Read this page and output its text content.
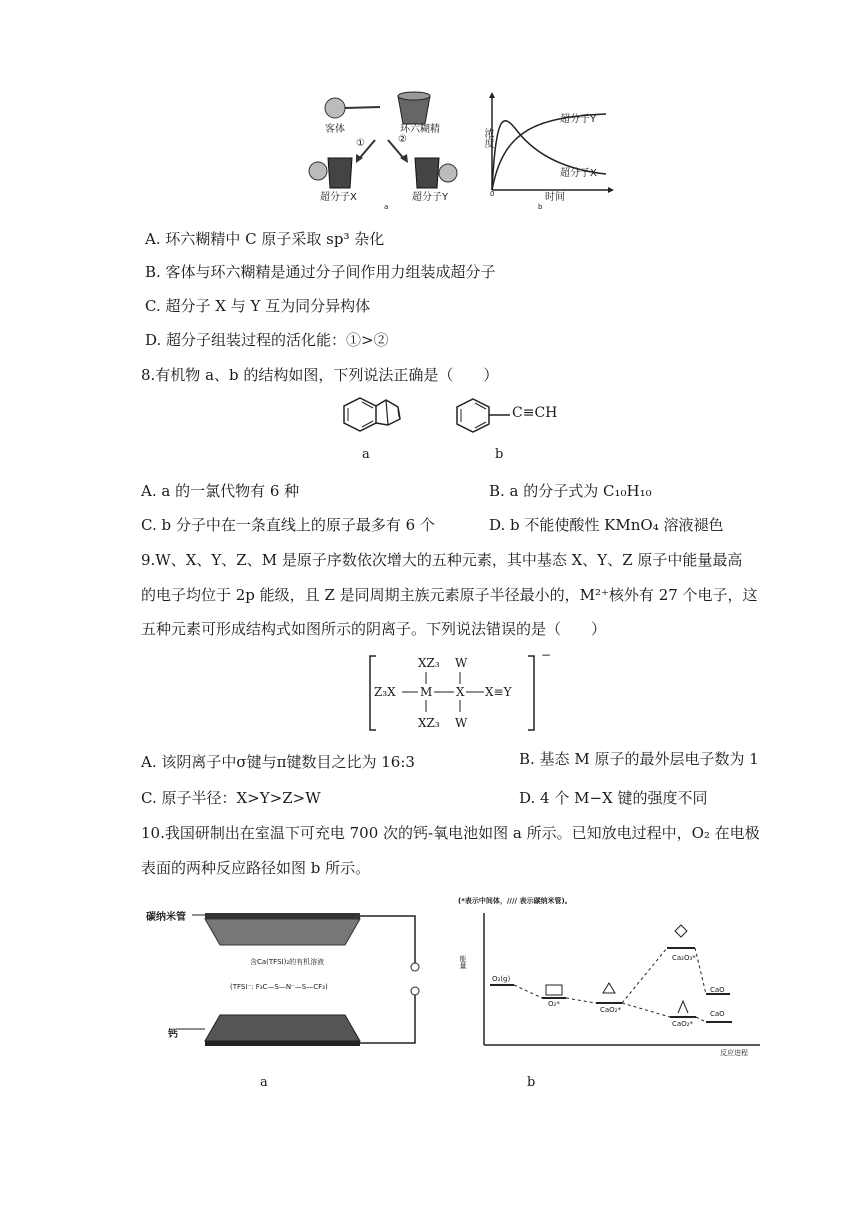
客体	环六糊精
①	②
超分子X	超分子Y
a
浓度
0	时间
超分子Y
超分子X
b
A. 环六糊精中 C 原子采取 sp³ 杂化
B. 客体与环六糊精是通过分子间作用力组装成超分子
C. 超分子 X 与 Y 互为同分异构体
D. 超分子组装过程的活化能：①>②
8.有机物 a、b 的结构如图，下列说法正确是（　　）
C≡CH
a	b
A. a 的一氯代物有 6 种	B. a 的分子式为 C₁₀H₁₀
C. b 分子中在一条直线上的原子最多有 6 个	D. b 不能使酸性 KMnO₄ 溶液褪色
9.W、X、Y、Z、M 是原子序数依次增大的五种元素，其中基态 X、Y、Z 原子中能量最高
的电子均位于 2p 能级，且 Z 是同周期主族元素原子半径最小的，M²⁺核外有 27 个电子，这
五种元素可形成结构式如图所示的阴离子。下列说法错误的是（　　）
XZ₃ W
Z₃X M X X≡Y
XZ₃ W
−
A. 该阴离子中σ键与π键数目之比为 16:3	B. 基态 M 原子的最外层电子数为 1
C. 原子半径：X>Y>Z>W	D. 4 个 M−X 键的强度不同
10.我国研制出在室温下可充电 700 次的钙-氧电池如图 a 所示。已知放电过程中，O₂ 在电极
表面的两种反应路径如图 b 所示。
碳纳米管
含Ca(TFSI)₂的有机溶液
(TFSI⁻: F₃C—S—N⁻—S—CF₃)
钙
a
(*表示中间体，//// 表示碳纳米管)。
能量
反应进程
O₂(g)
O₂*
CaO₂*
Ca₂O₃*
CaO
CaO₂*
CaO
b
